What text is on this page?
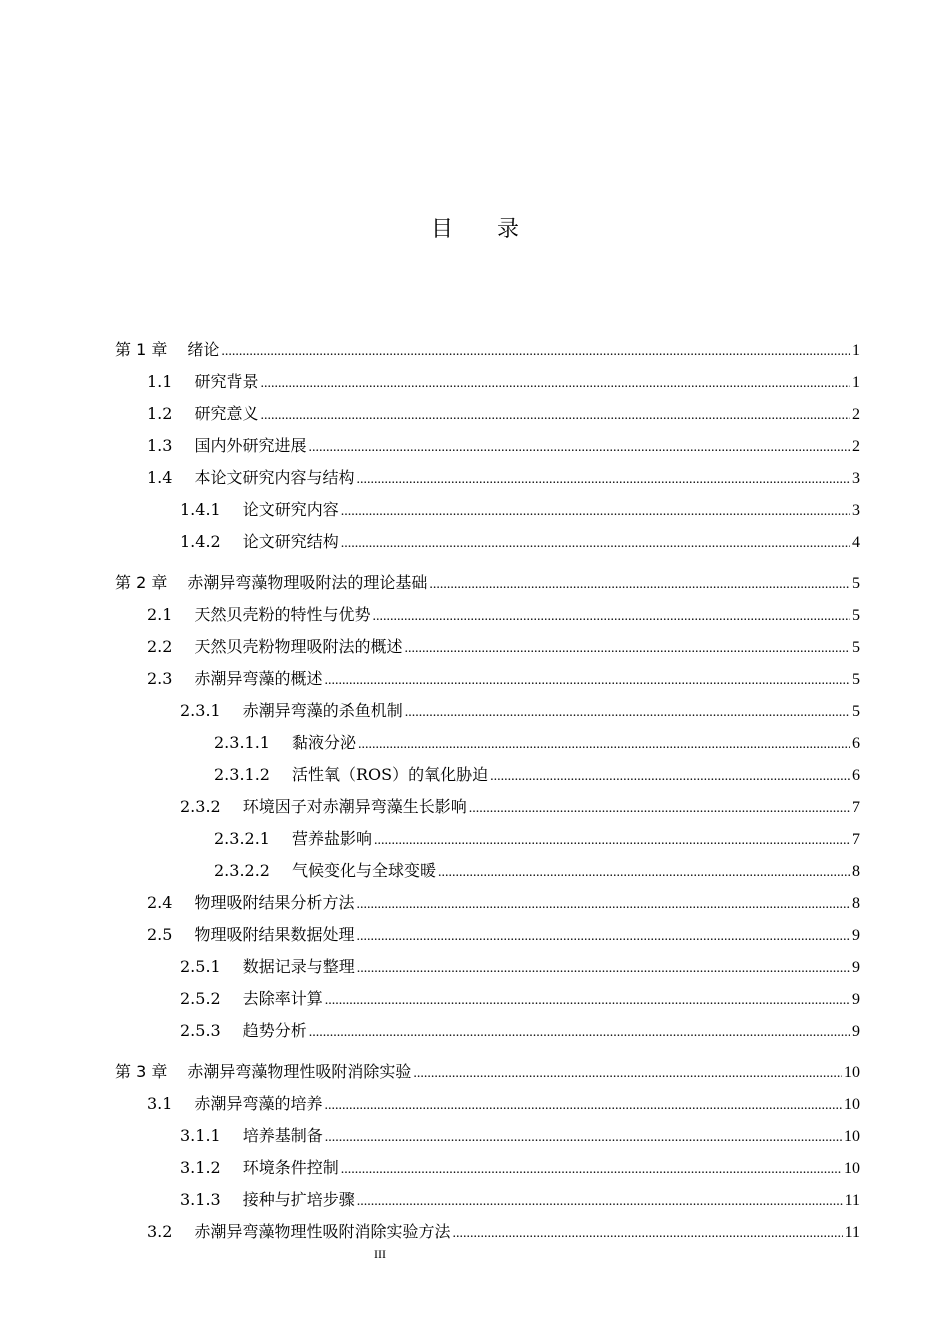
目录
第 1 章 绪论 .....	1
1.1 研究背景 .....	1
1.2 研究意义 .....	2
1.3 国内外研究进展 .....	2
1.4 本论文研究内容与结构 .....	3
1.4.1 论文研究内容 .....	3
1.4.2 论文研究结构 .....	4
第 2 章 赤潮异弯藻物理吸附法的理论基础 .....	5
2.1 天然贝壳粉的特性与优势 .....	5
2.2 天然贝壳粉物理吸附法的概述 .....	5
2.3 赤潮异弯藻的概述 .....	5
2.3.1 赤潮异弯藻的杀鱼机制 .....	5
2.3.1.1 黏液分泌 .....	6
2.3.1.2 活性氧（ROS）的氧化胁迫 .....	6
2.3.2 环境因子对赤潮异弯藻生长影响 .....	7
2.3.2.1 营养盐影响 .....	7
2.3.2.2 气候变化与全球变暖 .....	8
2.4 物理吸附结果分析方法 .....	8
2.5 物理吸附结果数据处理 .....	9
2.5.1 数据记录与整理 .....	9
2.5.2 去除率计算 .....	9
2.5.3 趋势分析 .....	9
第 3 章 赤潮异弯藻物理性吸附消除实验 .....	10
3.1 赤潮异弯藻的培养 .....	10
3.1.1 培养基制备 .....	10
3.1.2 环境条件控制 .....	10
3.1.3 接种与扩培步骤 .....	11
3.2 赤潮异弯藻物理性吸附消除实验方法 .....	11
III
